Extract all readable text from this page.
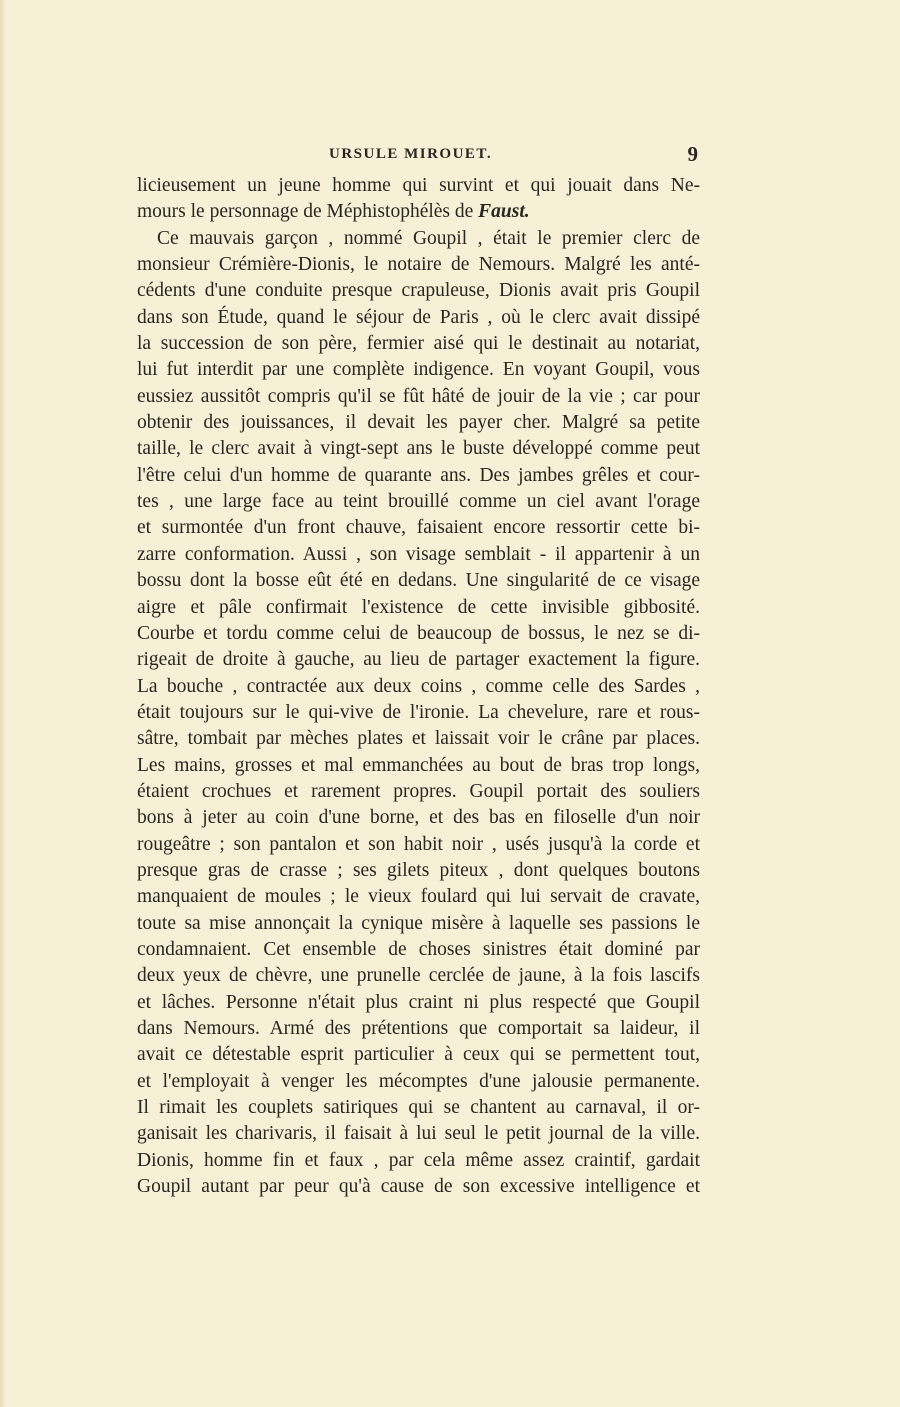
URSULE MIROUET.	9
licieusement un jeune homme qui survint et qui jouait dans Ne-
mours le personnage de Méphistophélès de Faust.
Ce mauvais garçon , nommé Goupil , était le premier clerc de
monsieur Crémière-Dionis, le notaire de Nemours. Malgré les anté-
cédents d'une conduite presque crapuleuse, Dionis avait pris Goupil
dans son Étude, quand le séjour de Paris , où le clerc avait dissipé
la succession de son père, fermier aisé qui le destinait au notariat,
lui fut interdit par une complète indigence. En voyant Goupil, vous
eussiez aussitôt compris qu'il se fût hâté de jouir de la vie ; car pour
obtenir des jouissances, il devait les payer cher. Malgré sa petite
taille, le clerc avait à vingt-sept ans le buste développé comme peut
l'être celui d'un homme de quarante ans. Des jambes grêles et cour-
tes , une large face au teint brouillé comme un ciel avant l'orage
et surmontée d'un front chauve, faisaient encore ressortir cette bi-
zarre conformation. Aussi , son visage semblait - il appartenir à un
bossu dont la bosse eût été en dedans. Une singularité de ce visage
aigre et pâle confirmait l'existence de cette invisible gibbosité.
Courbe et tordu comme celui de beaucoup de bossus, le nez se di-
rigeait de droite à gauche, au lieu de partager exactement la figure.
La bouche , contractée aux deux coins , comme celle des Sardes ,
était toujours sur le qui-vive de l'ironie. La chevelure, rare et rous-
sâtre, tombait par mèches plates et laissait voir le crâne par places.
Les mains, grosses et mal emmanchées au bout de bras trop longs,
étaient crochues et rarement propres. Goupil portait des souliers
bons à jeter au coin d'une borne, et des bas en filoselle d'un noir
rougeâtre ; son pantalon et son habit noir , usés jusqu'à la corde et
presque gras de crasse ; ses gilets piteux , dont quelques boutons
manquaient de moules ; le vieux foulard qui lui servait de cravate,
toute sa mise annonçait la cynique misère à laquelle ses passions le
condamnaient. Cet ensemble de choses sinistres était dominé par
deux yeux de chèvre, une prunelle cerclée de jaune, à la fois lascifs
et lâches. Personne n'était plus craint ni plus respecté que Goupil
dans Nemours. Armé des prétentions que comportait sa laideur, il
avait ce détestable esprit particulier à ceux qui se permettent tout,
et l'employait à venger les mécomptes d'une jalousie permanente.
Il rimait les couplets satiriques qui se chantent au carnaval, il or-
ganisait les charivaris, il faisait à lui seul le petit journal de la ville.
Dionis, homme fin et faux , par cela même assez craintif, gardait
Goupil autant par peur qu'à cause de son excessive intelligence et
